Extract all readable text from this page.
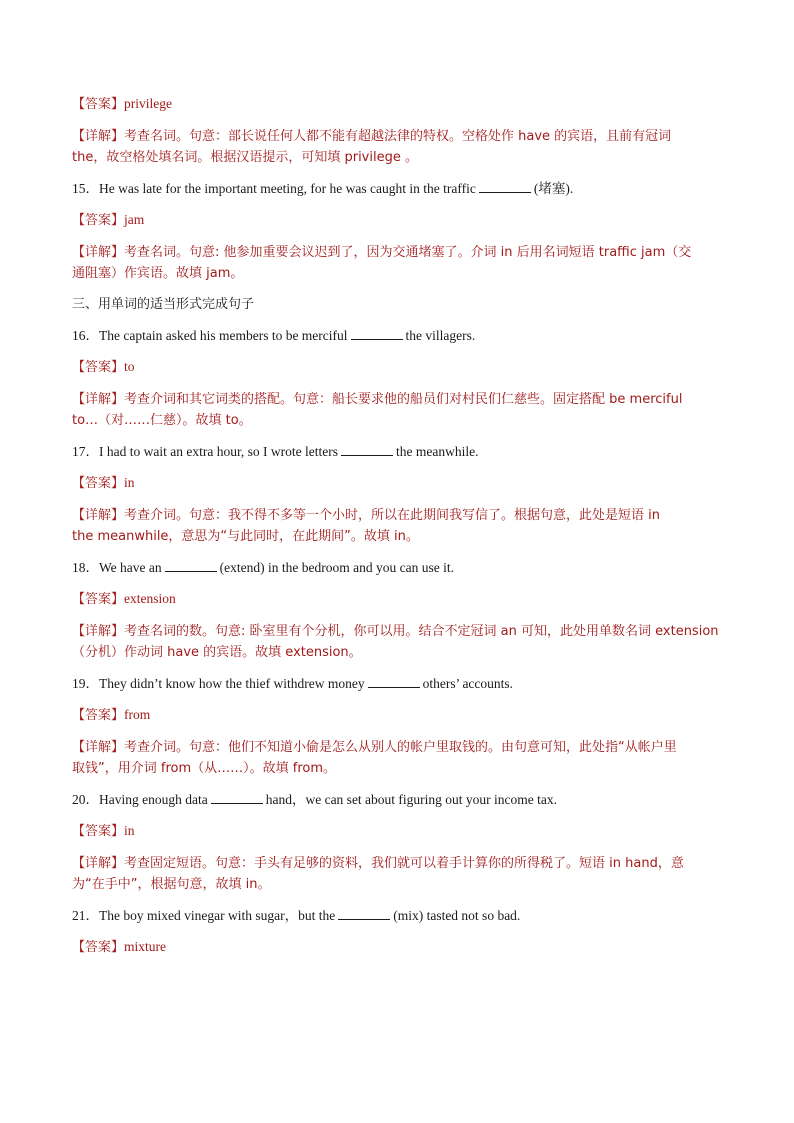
【答案】privilege

【详解】考查名词。句意：部长说任何人都不能有超越法律的特权。空格处作 have 的宾语，且前有冠词

the，故空格处填名词。根据汉语提示，可知填 privilege 。

15．He was late for the important meeting, for he was caught in the traffic	(堵塞).

【答案】jam

【详解】考查名词。句意: 他参加重要会议迟到了，因为交通堵塞了。介词 in 后用名词短语 traffic jam（交

通阻塞）作宾语。故填 jam。

三、用单词的适当形式完成句子

16．The captain asked his members to be merciful	the villagers.

【答案】to

【详解】考查介词和其它词类的搭配。句意：船长要求他的船员们对村民们仁慈些。固定搭配 be merciful

to…（对……仁慈）。故填 to。

17．I had to wait an extra hour, so I wrote letters	the meanwhile.

【答案】in

【详解】考查介词。句意：我不得不多等一个小时，所以在此期间我写信了。根据句意，此处是短语 in

the meanwhile，意思为“与此同时，在此期间”。故填 in。

18．We have an	(extend) in the bedroom and you can use it.

【答案】extension

【详解】考查名词的数。句意: 卧室里有个分机，你可以用。结合不定冠词 an 可知，此处用单数名词 extension

（分机）作动词 have 的宾语。故填 extension。

19．They didn’t know how the thief withdrew money	others’ accounts.

【答案】from

【详解】考查介词。句意：他们不知道小偷是怎么从别人的帐户里取钱的。由句意可知，此处指“从帐户里

取钱”，用介词 from（从……）。故填 from。

20．Having enough data	hand，we can set about figuring out your income tax.

【答案】in

【详解】考查固定短语。句意：手头有足够的资料，我们就可以着手计算你的所得税了。短语 in hand，意

为“在手中”，根据句意，故填 in。

21．The boy mixed vinegar with sugar，but the	(mix) tasted not so bad.

【答案】mixture
